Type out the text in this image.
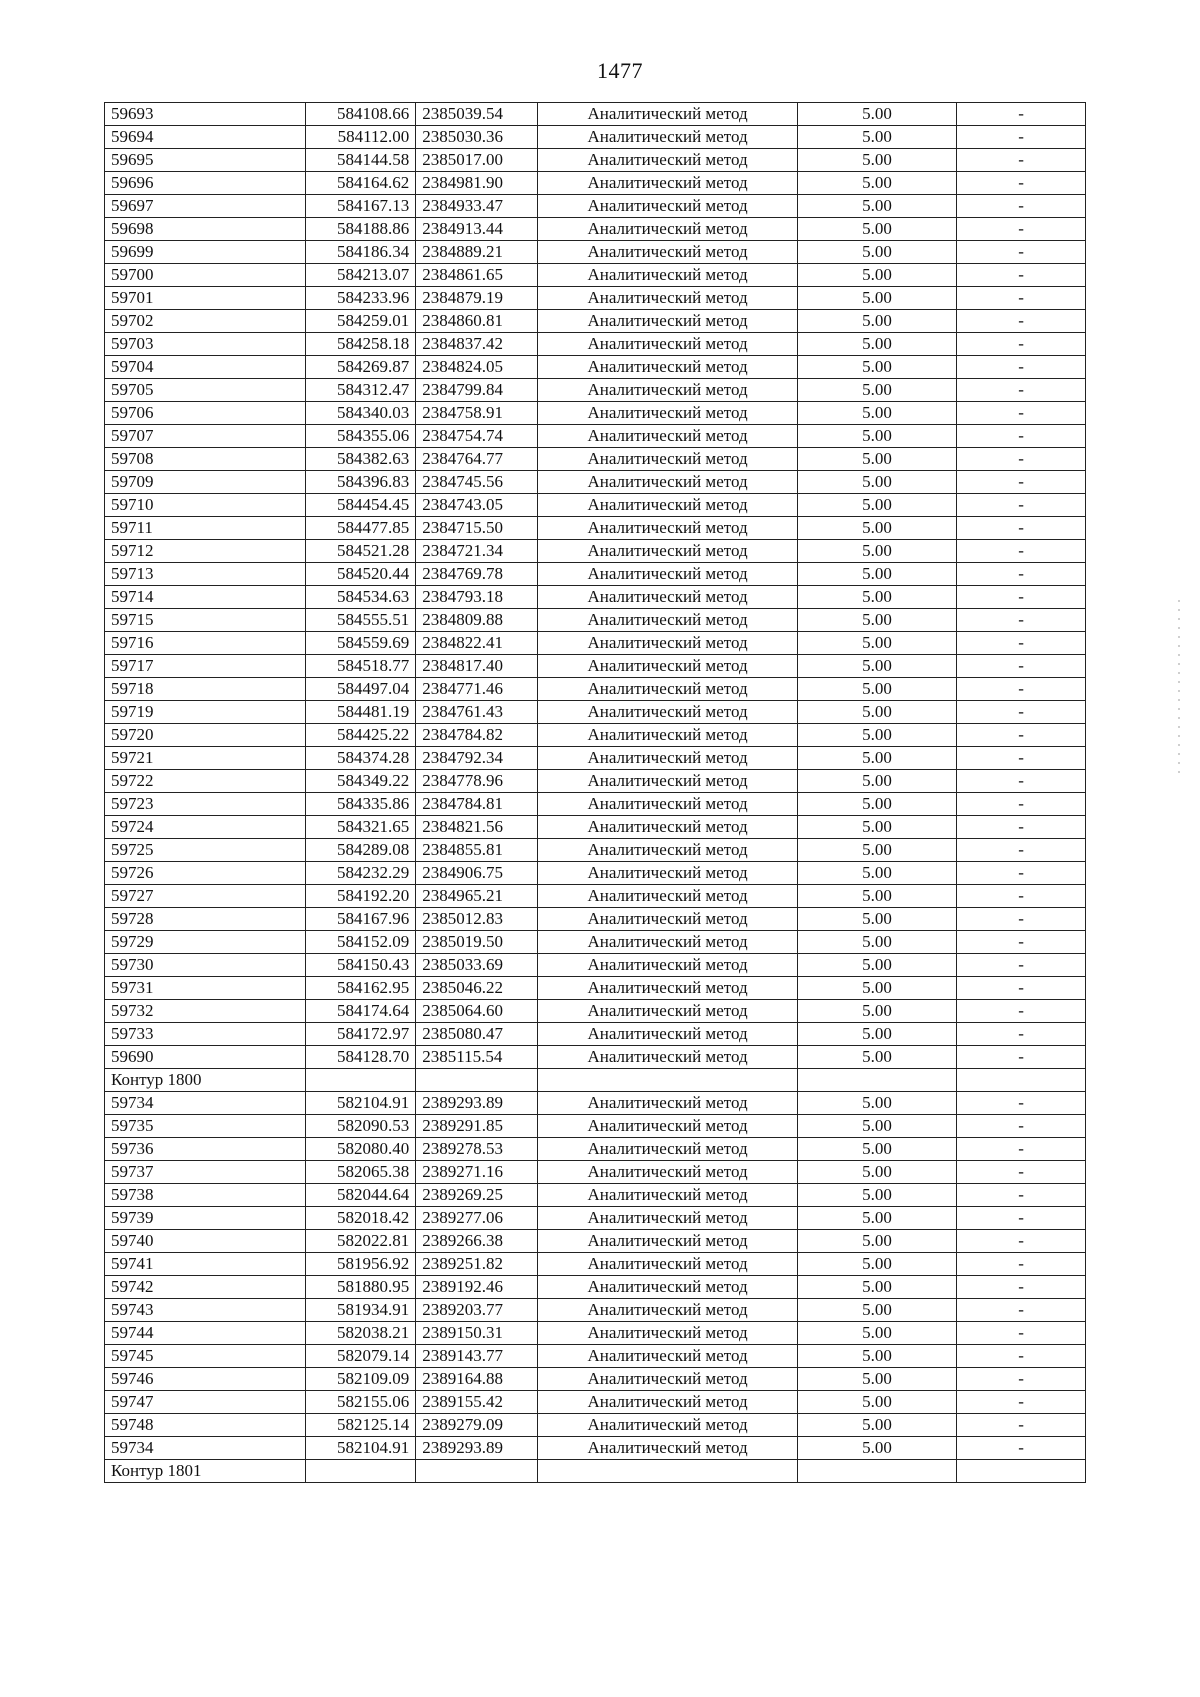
1477
59693	584108.66	2385039.54	Аналитический метод	5.00	-
59694	584112.00	2385030.36	Аналитический метод	5.00	-
59695	584144.58	2385017.00	Аналитический метод	5.00	-
59696	584164.62	2384981.90	Аналитический метод	5.00	-
59697	584167.13	2384933.47	Аналитический метод	5.00	-
59698	584188.86	2384913.44	Аналитический метод	5.00	-
59699	584186.34	2384889.21	Аналитический метод	5.00	-
59700	584213.07	2384861.65	Аналитический метод	5.00	-
59701	584233.96	2384879.19	Аналитический метод	5.00	-
59702	584259.01	2384860.81	Аналитический метод	5.00	-
59703	584258.18	2384837.42	Аналитический метод	5.00	-
59704	584269.87	2384824.05	Аналитический метод	5.00	-
59705	584312.47	2384799.84	Аналитический метод	5.00	-
59706	584340.03	2384758.91	Аналитический метод	5.00	-
59707	584355.06	2384754.74	Аналитический метод	5.00	-
59708	584382.63	2384764.77	Аналитический метод	5.00	-
59709	584396.83	2384745.56	Аналитический метод	5.00	-
59710	584454.45	2384743.05	Аналитический метод	5.00	-
59711	584477.85	2384715.50	Аналитический метод	5.00	-
59712	584521.28	2384721.34	Аналитический метод	5.00	-
59713	584520.44	2384769.78	Аналитический метод	5.00	-
59714	584534.63	2384793.18	Аналитический метод	5.00	-
59715	584555.51	2384809.88	Аналитический метод	5.00	-
59716	584559.69	2384822.41	Аналитический метод	5.00	-
59717	584518.77	2384817.40	Аналитический метод	5.00	-
59718	584497.04	2384771.46	Аналитический метод	5.00	-
59719	584481.19	2384761.43	Аналитический метод	5.00	-
59720	584425.22	2384784.82	Аналитический метод	5.00	-
59721	584374.28	2384792.34	Аналитический метод	5.00	-
59722	584349.22	2384778.96	Аналитический метод	5.00	-
59723	584335.86	2384784.81	Аналитический метод	5.00	-
59724	584321.65	2384821.56	Аналитический метод	5.00	-
59725	584289.08	2384855.81	Аналитический метод	5.00	-
59726	584232.29	2384906.75	Аналитический метод	5.00	-
59727	584192.20	2384965.21	Аналитический метод	5.00	-
59728	584167.96	2385012.83	Аналитический метод	5.00	-
59729	584152.09	2385019.50	Аналитический метод	5.00	-
59730	584150.43	2385033.69	Аналитический метод	5.00	-
59731	584162.95	2385046.22	Аналитический метод	5.00	-
59732	584174.64	2385064.60	Аналитический метод	5.00	-
59733	584172.97	2385080.47	Аналитический метод	5.00	-
59690	584128.70	2385115.54	Аналитический метод	5.00	-
Контур 1800					
59734	582104.91	2389293.89	Аналитический метод	5.00	-
59735	582090.53	2389291.85	Аналитический метод	5.00	-
59736	582080.40	2389278.53	Аналитический метод	5.00	-
59737	582065.38	2389271.16	Аналитический метод	5.00	-
59738	582044.64	2389269.25	Аналитический метод	5.00	-
59739	582018.42	2389277.06	Аналитический метод	5.00	-
59740	582022.81	2389266.38	Аналитический метод	5.00	-
59741	581956.92	2389251.82	Аналитический метод	5.00	-
59742	581880.95	2389192.46	Аналитический метод	5.00	-
59743	581934.91	2389203.77	Аналитический метод	5.00	-
59744	582038.21	2389150.31	Аналитический метод	5.00	-
59745	582079.14	2389143.77	Аналитический метод	5.00	-
59746	582109.09	2389164.88	Аналитический метод	5.00	-
59747	582155.06	2389155.42	Аналитический метод	5.00	-
59748	582125.14	2389279.09	Аналитический метод	5.00	-
59734	582104.91	2389293.89	Аналитический метод	5.00	-
Контур 1801					
